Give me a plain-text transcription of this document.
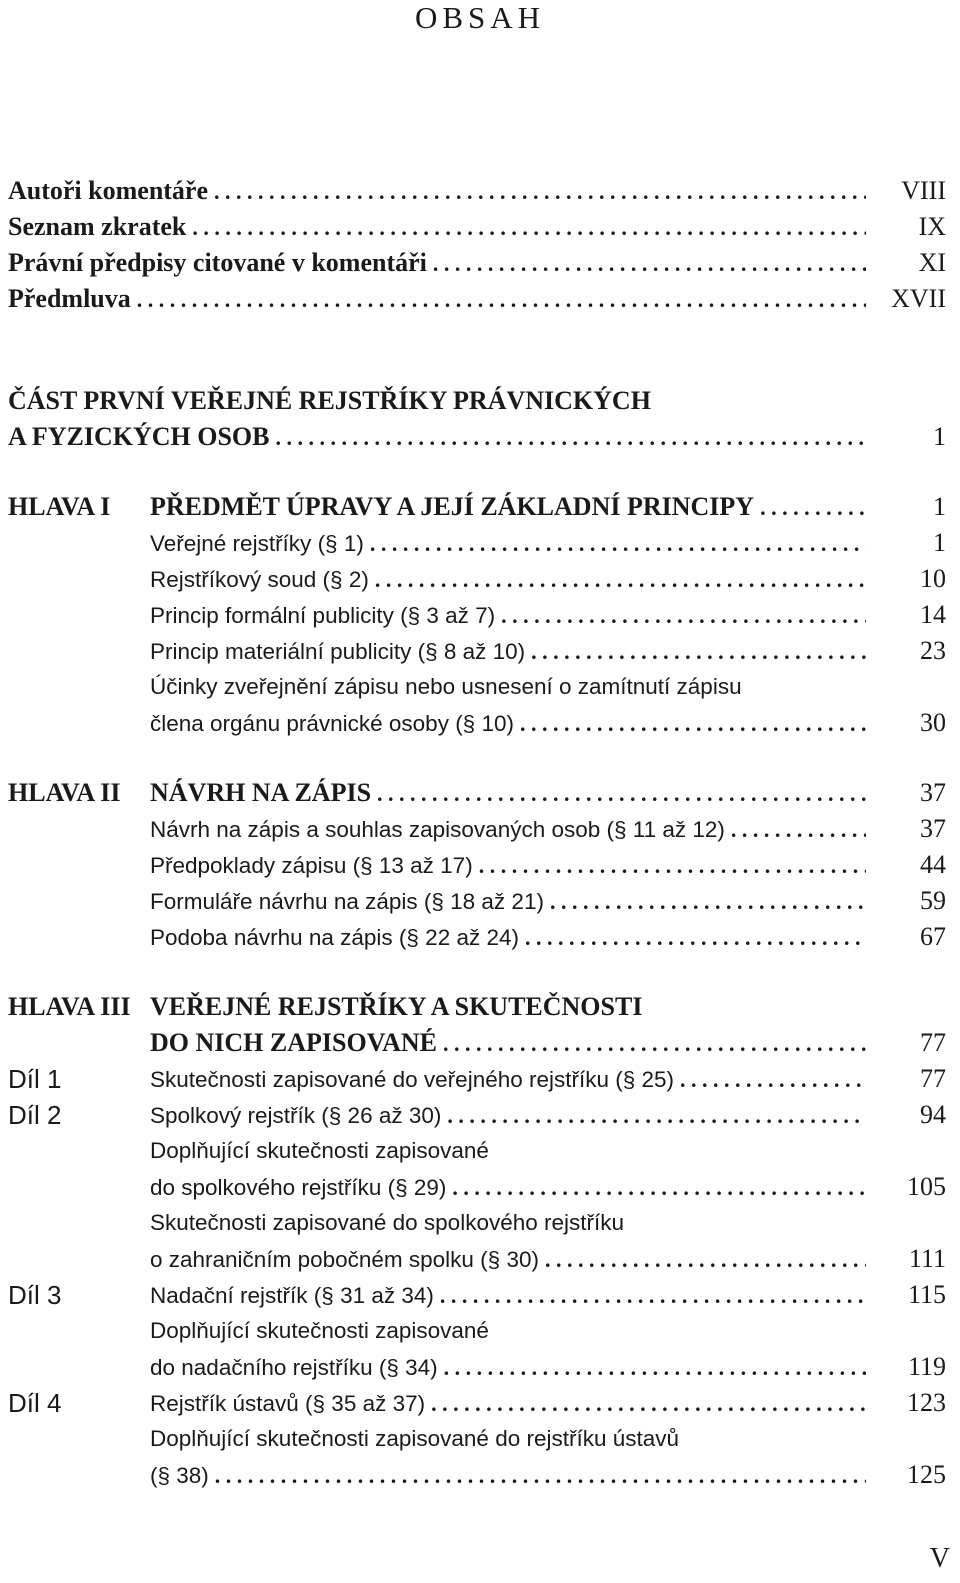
OBSAH
Autoři komentáře . . .	VIII
Seznam zkratek . . .	IX
Právní předpisy citované v komentáři . . .	XI
Předmluva . . .	XVII
ČÁST PRVNÍ VEŘEJNÉ REJSTŘÍKY PRÁVNICKÝCH
A FYZICKÝCH OSOB . . .	1
HLAVA I PŘEDMĚT ÚPRAVY A JEJÍ ZÁKLADNÍ PRINCIPY . . .	1
Veřejné rejstříky (§ 1) . . .	1
Rejstříkový soud (§ 2) . . .	10
Princip formální publicity (§ 3 až 7) . . .	14
Princip materiální publicity (§ 8 až 10) . . .	23
Účinky zveřejnění zápisu nebo usnesení o zamítnutí zápisu
člena orgánu právnické osoby (§ 10) . . .	30
HLAVA II NÁVRH NA ZÁPIS . . .	37
Návrh na zápis a souhlas zapisovaných osob (§ 11 až 12) . . .	37
Předpoklady zápisu (§ 13 až 17) . . .	44
Formuláře návrhu na zápis (§ 18 až 21) . . .	59
Podoba návrhu na zápis (§ 22 až 24) . . .	67
HLAVA III VEŘEJNÉ REJSTŘÍKY A SKUTEČNOSTI
DO NICH ZAPISOVANÉ . . .	77
Díl 1	Skutečnosti zapisované do veřejného rejstříku (§ 25) . . .	77
Díl 2	Spolkový rejstřík (§ 26 až 30) . . .	94
Doplňující skutečnosti zapisované
do spolkového rejstříku (§ 29) . . .	105
Skutečnosti zapisované do spolkového rejstříku
o zahraničním pobočném spolku (§ 30) . . .	111
Díl 3	Nadační rejstřík (§ 31 až 34) . . .	115
Doplňující skutečnosti zapisované
do nadačního rejstříku (§ 34) . . .	119
Díl 4	Rejstřík ústavů (§ 35 až 37) . . .	123
Doplňující skutečnosti zapisované do rejstříku ústavů
(§ 38) . . .	125
V
